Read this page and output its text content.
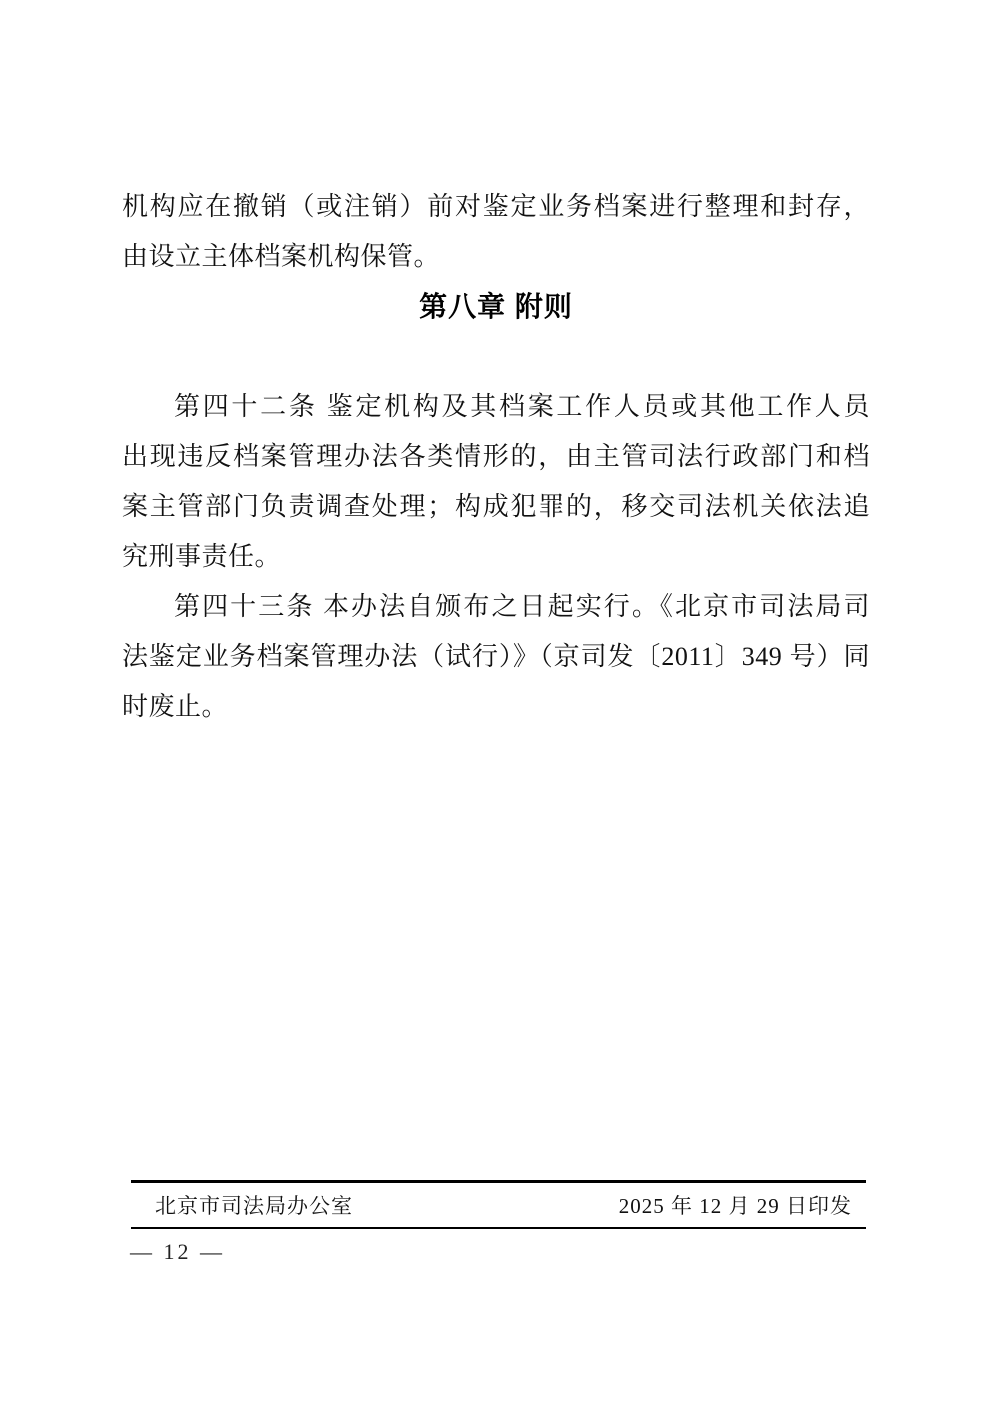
机构应在撤销（或注销）前对鉴定业务档案进行整理和封存，
由设立主体档案机构保管。

第八章 附则

第四十二条 鉴定机构及其档案工作人员或其他工作人员
出现违反档案管理办法各类情形的，由主管司法行政部门和档
案主管部门负责调查处理；构成犯罪的，移交司法机关依法追
究刑事责任。

第四十三条 本办法自颁布之日起实行。《北京市司法局司
法鉴定业务档案管理办法（试行）》（京司发〔2011〕349 号）同
时废止。

北京市司法局办公室	2025 年 12 月 29 日印发
— 12 —
